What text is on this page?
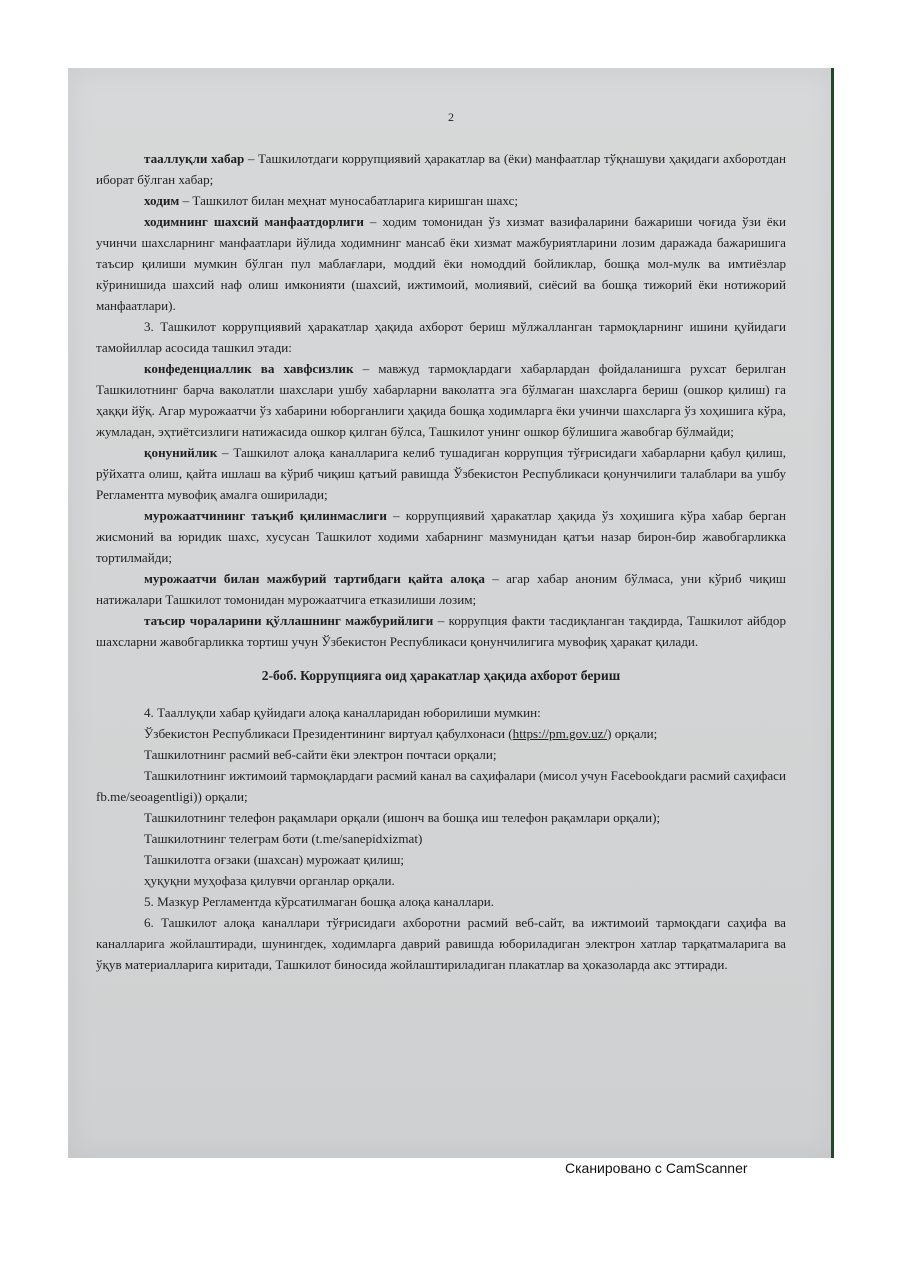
2

тааллуқли хабар – Ташкилотдаги коррупциявий ҳаракатлар ва (ёки) манфаатлар тўқнашуви ҳақидаги ахборотдан иборат бўлган хабар;

ходим – Ташкилот билан меҳнат муносабатларига киришган шахс;

ходимнинг шахсий манфаатдорлиги – ходим томонидан ўз хизмат вазифаларини бажариши чоғида ўзи ёки учинчи шахсларнинг манфаатлари йўлида ходимнинг мансаб ёки хизмат мажбуриятларини лозим даражада бажаришига таъсир қилиши мумкин бўлган пул маблағлари, моддий ёки номоддий бойликлар, бошқа мол-мулк ва имтиёзлар кўринишида шахсий наф олиш имконияти (шахсий, ижтимоий, молиявий, сиёсий ва бошқа тижорий ёки нотижорий манфаатлари).

3. Ташкилот коррупциявий ҳаракатлар ҳақида ахборот бериш мўлжалланган тармоқларнинг ишини қуйидаги тамойиллар асосида ташкил этади:

конфеденциаллик ва хавфсизлик – мавжуд тармоқлардаги хабарлардан фойдаланишга рухсат берилган Ташкилотнинг барча ваколатли шахслари ушбу хабарларни ваколатга эга бўлмаган шахсларга бериш (ошкор қилиш) га ҳаққи йўқ. Агар мурожаатчи ўз хабарини юборганлиги ҳақида бошқа ходимларга ёки учинчи шахсларга ўз хоҳишига кўра, жумладан, эҳтиётсизлиги натижасида ошкор қилган бўлса, Ташкилот унинг ошкор бўлишига жавобгар бўлмайди;

қонунийлик – Ташкилот алоқа каналларига келиб тушадиган коррупция тўғрисидаги хабарларни қабул қилиш, рўйхатга олиш, қайта ишлаш ва кўриб чиқиш қатъий равишда Ўзбекистон Республикаси қонунчилиги талаблари ва ушбу Регламентга мувофиқ амалга оширилади;

мурожаатчининг таъқиб қилинмаслиги – коррупциявий ҳаракатлар ҳақида ўз хоҳишига кўра хабар берган жисмоний ва юридик шахс, хусусан Ташкилот ходими хабарнинг мазмунидан қатъи назар бирон-бир жавобгарликка тортилмайди;

мурожаатчи билан мажбурий тартибдаги қайта алоқа – агар хабар аноним бўлмаса, уни кўриб чиқиш натижалари Ташкилот томонидан мурожаатчига етказилиши лозим;

таъсир чораларини қўллашнинг мажбурийлиги – коррупция факти тасдиқланган тақдирда, Ташкилот айбдор шахсларни жавобгарликка тортиш учун Ўзбекистон Республикаси қонунчилигига мувофиқ ҳаракат қилади.

2-боб. Коррупцияга оид ҳаракатлар ҳақида ахборот бериш

4. Тааллуқли хабар қуйидаги алоқа каналларидан юборилиши мумкин:

Ўзбекистон Республикаси Президентининг виртуал қабулхонаси (https://pm.gov.uz/) орқали;

Ташкилотнинг расмий веб-сайти ёки электрон почтаси орқали;

Ташкилотнинг ижтимоий тармоқлардаги расмий канал ва саҳифалари (мисол учун Facebookдаги расмий саҳифаси fb.me/seoagentligi)) орқали;

Ташкилотнинг телефон рақамлари орқали (ишонч ва бошқа иш телефон рақамлари орқали);

Ташкилотнинг телеграм боти (t.me/sanepidxizmat)

Ташкилотга оғзаки (шахсан) мурожаат қилиш;

ҳуқуқни муҳофаза қилувчи органлар орқали.

5. Мазкур Регламентда кўрсатилмаган бошқа алоқа каналлари.

6. Ташкилот алоқа каналлари тўғрисидаги ахборотни расмий веб-сайт, ва ижтимоий тармоқдаги саҳифа ва каналларига жойлаштиради, шунингдек, ходимларга даврий равишда юбориладиган электрон хатлар тарқатмаларига ва ўқув материалларига киритади, Ташкилот биносида жойлаштириладиган плакатлар ва ҳоказоларда акс эттиради.

Сканировано с CamScanner
